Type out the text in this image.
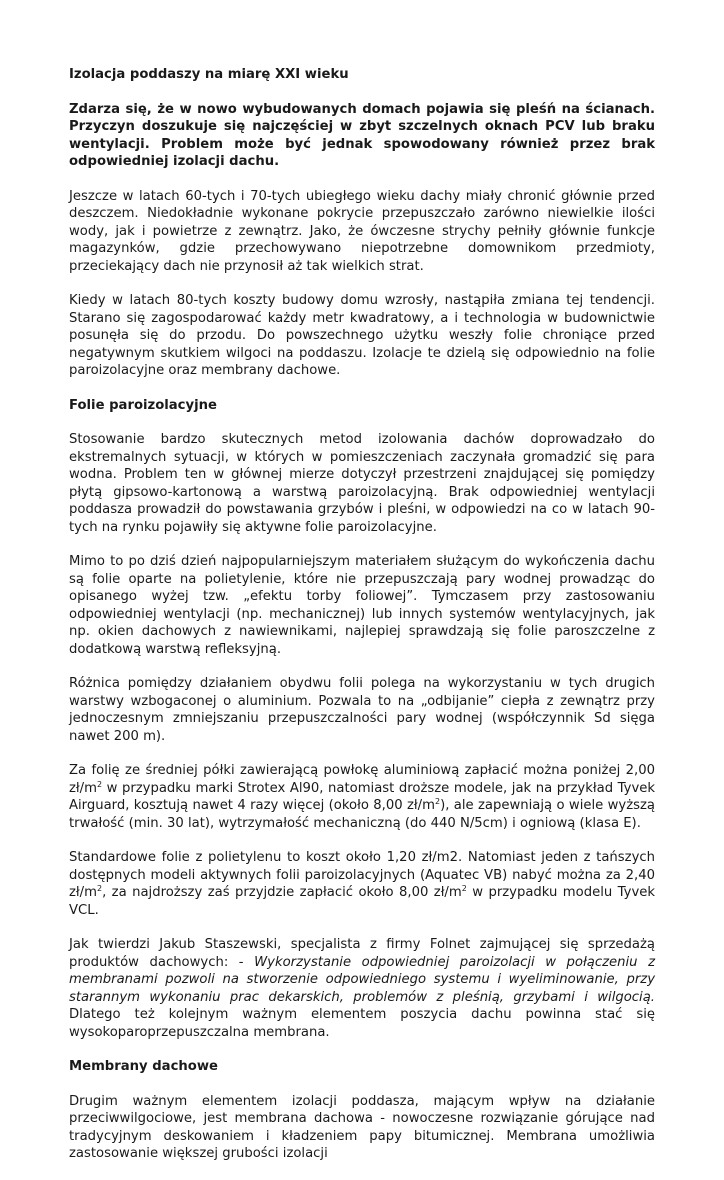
Izolacja poddaszy na miarę XXI wieku

Zdarza się, że w nowo wybudowanych domach pojawia się pleśń na ścianach. Przyczyn doszukuje się najczęściej w zbyt szczelnych oknach PCV lub braku wentylacji. Problem może być jednak spowodowany również przez brak odpowiedniej izolacji dachu.

Jeszcze w latach 60-tych i 70-tych ubiegłego wieku dachy miały chronić głównie przed deszczem. Niedokładnie wykonane pokrycie przepuszczało zarówno niewielkie ilości wody, jak i powietrze z zewnątrz. Jako, że ówczesne strychy pełniły głównie funkcje magazynków, gdzie przechowywano niepotrzebne domownikom przedmioty, przeciekający dach nie przynosił aż tak wielkich strat.

Kiedy w latach 80-tych koszty budowy domu wzrosły, nastąpiła zmiana tej tendencji. Starano się zagospodarować każdy metr kwadratowy, a i technologia w budownictwie posunęła się do przodu. Do powszechnego użytku weszły folie chroniące przed negatywnym skutkiem wilgoci na poddaszu. Izolacje te dzielą się odpowiednio na folie paroizolacyjne oraz membrany dachowe.

Folie paroizolacyjne

Stosowanie bardzo skutecznych metod izolowania dachów doprowadzało do ekstremalnych sytuacji, w których w pomieszczeniach zaczynała gromadzić się para wodna. Problem ten w głównej mierze dotyczył przestrzeni znajdującej się pomiędzy płytą gipsowo-kartonową a warstwą paroizolacyjną. Brak odpowiedniej wentylacji poddasza prowadził do powstawania grzybów i pleśni, w odpowiedzi na co w latach 90-tych na rynku pojawiły się aktywne folie paroizolacyjne.

Mimo to po dziś dzień najpopularniejszym materiałem służącym do wykończenia dachu są folie oparte na polietylenie, które nie przepuszczają pary wodnej prowadząc do opisanego wyżej tzw. „efektu torby foliowej”. Tymczasem przy zastosowaniu odpowiedniej wentylacji (np. mechanicznej) lub innych systemów wentylacyjnych, jak np. okien dachowych z nawiewnikami, najlepiej sprawdzają się folie paroszczelne z dodatkową warstwą refleksyjną.

Różnica pomiędzy działaniem obydwu folii polega na wykorzystaniu w tych drugich warstwy wzbogaconej o aluminium. Pozwala to na „odbijanie” ciepła z zewnątrz przy jednoczesnym zmniejszaniu przepuszczalności pary wodnej (współczynnik Sd sięga nawet 200 m).

Za folię ze średniej półki zawierającą powłokę aluminiową zapłacić można poniżej 2,00 $zł/m^2$ w przypadku marki Strotex Al90, natomiast droższe modele, jak na przykład Tyvek Airguard, kosztują nawet 4 razy więcej (około 8,00 $zł/m^2$), ale zapewniają o wiele wyższą trwałość (min. 30 lat), wytrzymałość mechaniczną (do 440 N/5cm) i ogniową (klasa E).

Standardowe folie z polietylenu to koszt około 1,20 zł/m2. Natomiast jeden z tańszych dostępnych modeli aktywnych folii paroizolacyjnych (Aquatec VB) nabyć można za 2,40 $zł/m^2$, za najdroższy zaś przyjdzie zapłacić około 8,00 $zł/m^2$ w przypadku modelu Tyvek VCL.

Jak twierdzi Jakub Staszewski, specjalista z firmy Folnet zajmującej się sprzedażą produktów dachowych: - Wykorzystanie odpowiedniej paroizolacji w połączeniu z membranami pozwoli na stworzenie odpowiedniego systemu i wyeliminowanie, przy starannym wykonaniu prac dekarskich, problemów z pleśnią, grzybami i wilgocią. Dlatego też kolejnym ważnym elementem poszycia dachu powinna stać się wysokoparoprzepuszczalna membrana.

Membrany dachowe

Drugim ważnym elementem izolacji poddasza, mającym wpływ na działanie przeciwwilgociowe, jest membrana dachowa - nowoczesne rozwiązanie górujące nad tradycyjnym deskowaniem i kładzeniem papy bitumicznej. Membrana umożliwia zastosowanie większej grubości izolacji
